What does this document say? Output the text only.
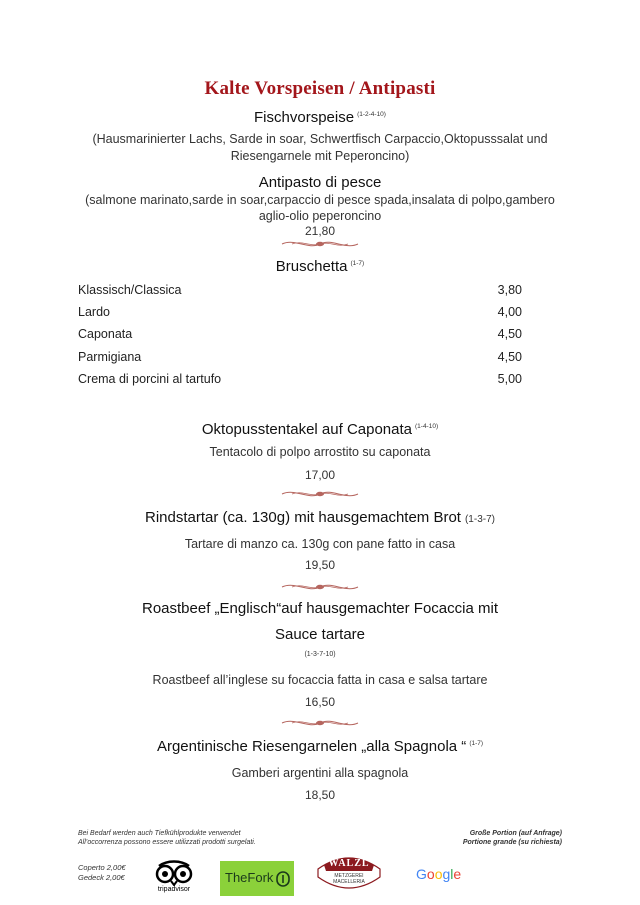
Kalte Vorspeisen / Antipasti
Fischvorspeise $^{(1-2-4-10)}$
(Hausmarinierter Lachs, Sarde in soar, Schwertfisch Carpaccio,Oktopusssalat und Riesengarnele mit Peperoncino)
Antipasto di pesce
(salmone marinato,sarde in soar,carpaccio di pesce spada,insalata di polpo,gambero
aglio-olio peperoncino
21,80
Bruschetta $^{(1-7)}$
Klassisch/Classica	3,80
Lardo	4,00
Caponata	4,50
Parmigiana	4,50
Crema di porcini al tartufo	5,00
Oktopusstentakel auf Caponata $^{(1-4-10)}$
Tentacolo di polpo arrostito su caponata
17,00
Rindstartar (ca. 130g) mit hausgemachtem Brot (1-3-7)
Tartare di manzo ca. 130g con pane fatto in casa
19,50
Roastbeef „Englisch“auf hausgemachter Focaccia mit
Sauce tartare
(1-3-7-10)
Roastbeef all’inglese su focaccia fatta in casa e salsa tartare
16,50
Argentinische Riesengarnelen „alla Spagnola “ $^{(1-7)}$
Gamberi argentini alla spagnola
18,50
Bei Bedarf werden auch Tiefkühlprodukte verwendet
All’occorrenza possono essere utilizzati prodotti surgelati.
Große Portion (auf Anfrage)
Portione grande (su richiesta)
Coperto 2,00€
Gedeck 2,00€
tripadvisor
TheFork
WALZL
METZGEREI
MACELLERIA	Google
